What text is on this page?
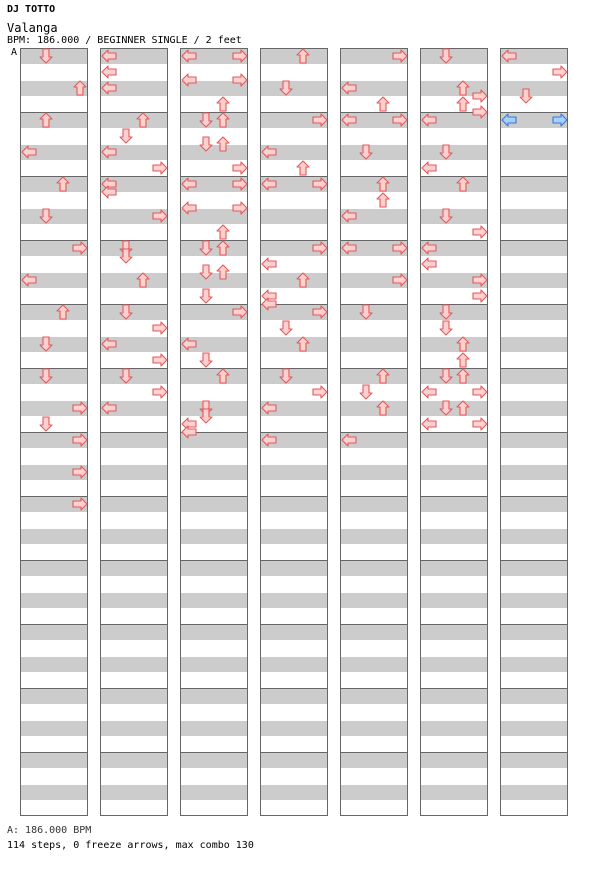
DJ TOTTO
Valanga
BPM: 186.000 / BEGINNER SINGLE / 2 feet
A
A: 186.000 BPM
114 steps, 0 freeze arrows, max combo 130
